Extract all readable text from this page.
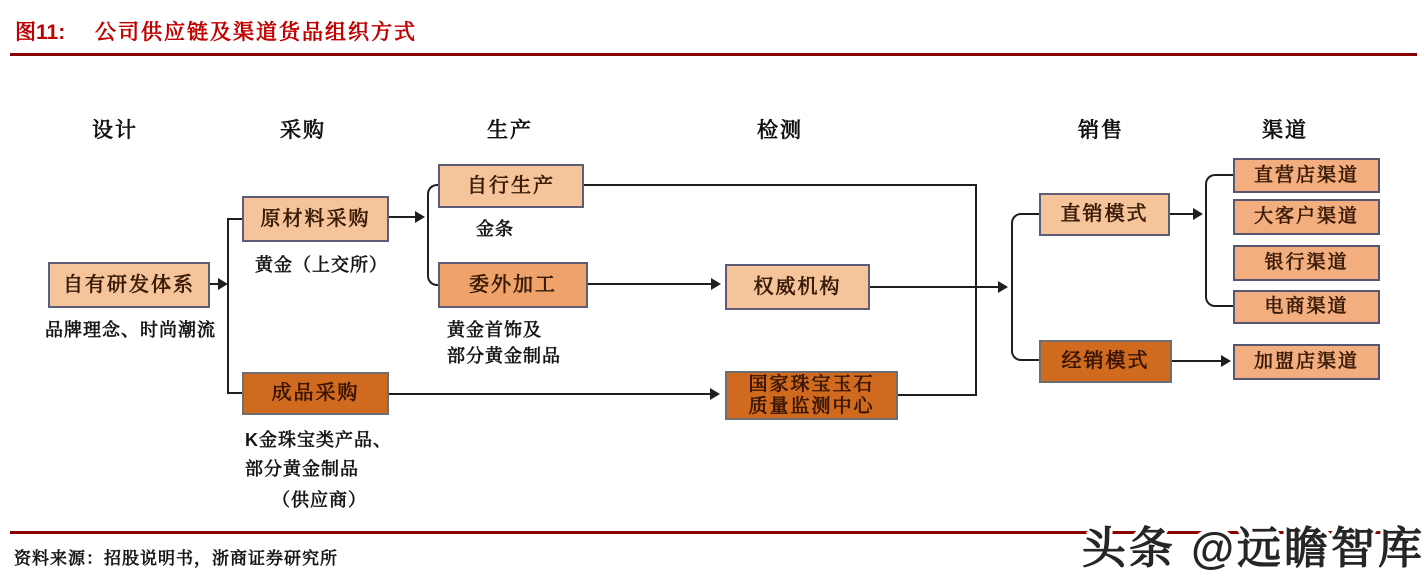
图11: 公司供应链及渠道货品组织方式
设计	采购	生产	检测	销售	渠道
自有研发体系
品牌理念、时尚潮流
原材料采购
黄金（上交所）
成品采购
K金珠宝类产品、
部分黄金制品
（供应商）
自行生产
金条
委外加工
黄金首饰及
部分黄金制品
权威机构
国家珠宝玉石
质量监测中心
直销模式
经销模式
直营店渠道
大客户渠道
银行渠道
电商渠道
加盟店渠道
资料来源：招股说明书，浙商证券研究所	头条 @远瞻智库
